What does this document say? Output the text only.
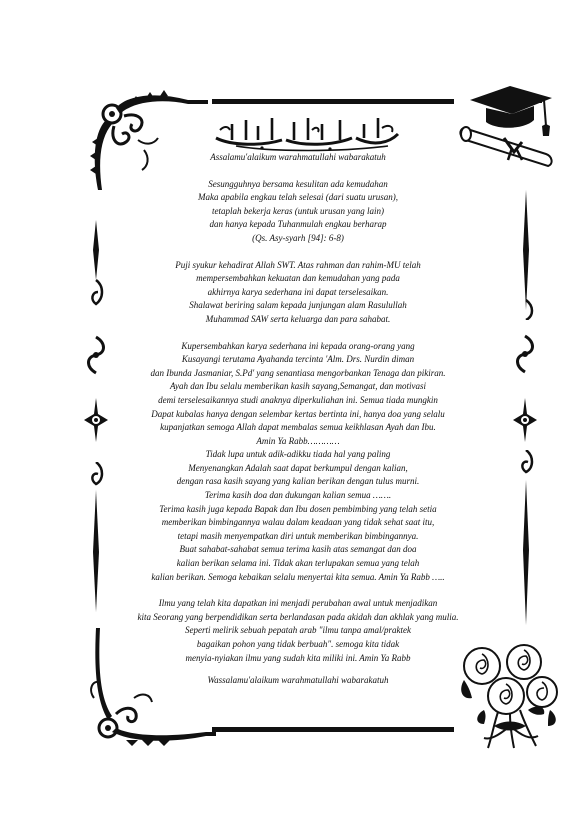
Assalamu'alaikum warahmatullahi wabarakatuh

Sesungguhnya bersama kesulitan ada kemudahan

Maka apabila engkau telah selesai (dari suatu urusan),

tetaplah bekerja keras (untuk urusan yang lain)

dan hanya kepada Tuhanmulah engkau berharap

(Qs. Asy-syarh [94]: 6-8)

Puji syukur kehadirat Allah SWT. Atas rahman dan rahim-MU telah

mempersembahkan kekuatan dan kemudahan yang pada

akhirnya karya sederhana ini dapat terselesaikan.

Shalawat beriring salam kepada junjungan alam Rasulullah

Muhammad SAW serta keluarga dan para sahabat.

Kupersembahkan karya sederhana ini kepada orang-orang yang

Kusayangi terutama Ayahanda tercinta 'Alm. Drs. Nurdin diman

dan Ibunda Jasmaniar, S.Pd' yang senantiasa mengorbankan Tenaga dan pikiran.

Ayah dan Ibu selalu memberikan kasih sayang,Semangat, dan motivasi

demi terselesaikannya studi anaknya diperkuliahan ini. Semua tiada mungkin

Dapat kubalas hanya dengan selembar kertas bertinta ini, hanya doa yang selalu

kupanjatkan semoga Allah dapat membalas semua keikhlasan Ayah dan Ibu.

Amin Ya Rabb…………

Tidak lupa untuk adik-adikku tiada hal yang paling

Menyenangkan Adalah saat dapat berkumpul dengan kalian,

dengan rasa kasih sayang yang kalian berikan dengan tulus murni.

Terima kasih doa dan dukungan kalian semua …….

Terima kasih juga kepada Bapak dan Ibu dosen pembimbing yang telah setia

memberikan bimbingannya walau dalam keadaan yang tidak sehat saat itu,

tetapi masih menyempatkan diri untuk memberikan bimbingannya.

Buat sahabat-sahabat semua terima kasih atas semangat dan doa

kalian berikan selama ini. Tidak akan terlupakan semua yang telah

kalian berikan. Semoga kebaikan selalu menyertai kita semua. Amin Ya Rabb …..

Ilmu yang telah kita dapatkan ini menjadi perubahan awal untuk menjadikan

kita Seorang yang berpendidikan serta berlandasan pada akidah dan akhlak yang mulia.

Seperti melirik sebuah pepatah arab "ilmu tanpa amal/praktek

bagaikan pohon yang tidak berbuah". semoga kita tidak

menyia-nyiakan ilmu yang sudah kita miliki ini. Amin Ya Rabb

Wassalamu'alaikum warahmatullahi wabarakatuh
